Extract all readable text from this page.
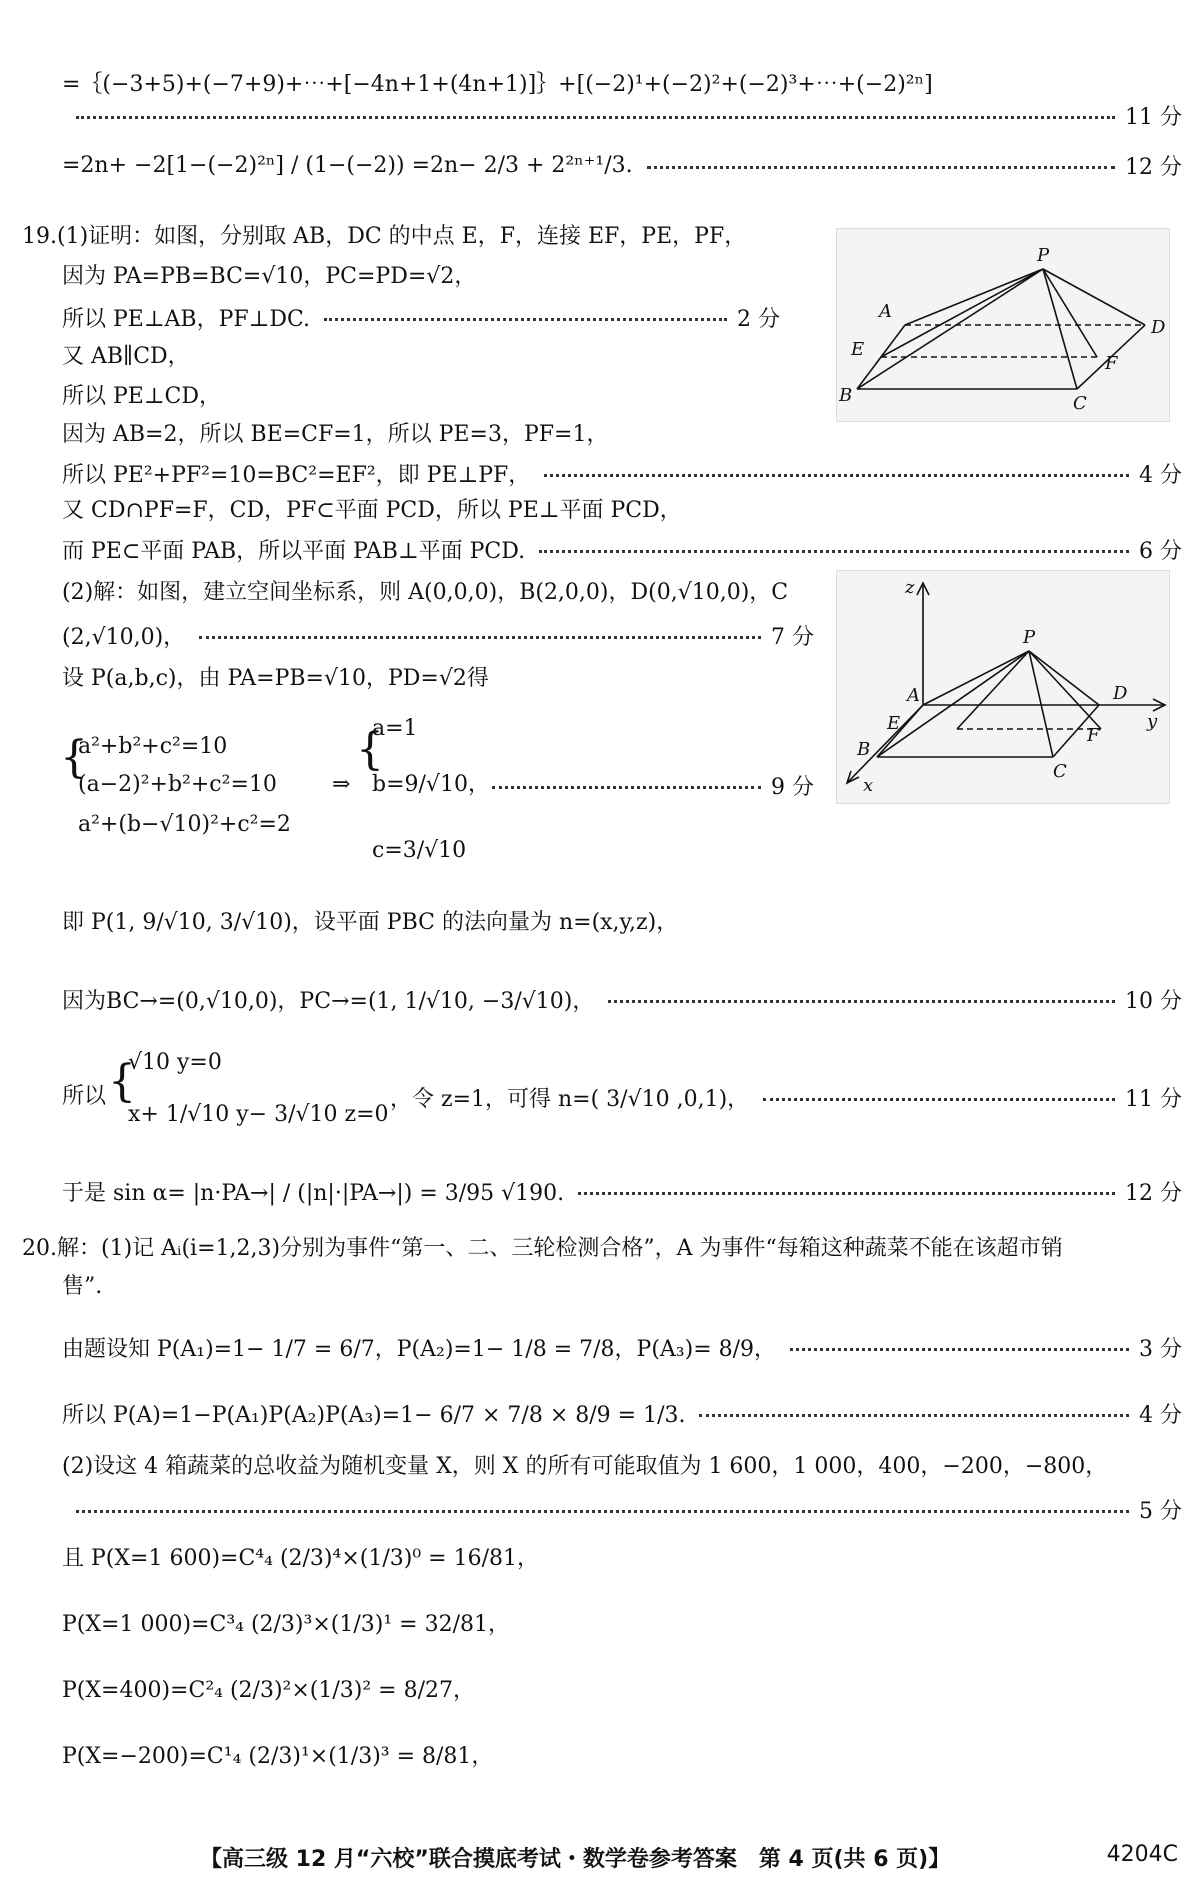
=｛(−3+5)+(−7+9)+⋯+[−4n+1+(4n+1)]｝+[(−2)¹+(−2)²+(−2)³+⋯+(−2)²ⁿ]
11 分
=2n+ −2[1−(−2)²ⁿ] / (1−(−2)) =2n− 2/3 + 2²ⁿ⁺¹/3.	12 分
19.(1)证明：如图，分别取 AB，DC 的中点 E，F，连接 EF，PE，PF，
因为 PA=PB=BC=√10，PC=PD=√2，
所以 PE⊥AB，PF⊥DC.	2 分
又 AB∥CD，
所以 PE⊥CD，
因为 AB=2，所以 BE=CF=1，所以 PE=3，PF=1，
所以 PE²+PF²=10=BC²=EF²，即 PE⊥PF，	4 分
又 CD∩PF=F，CD，PF⊂平面 PCD，所以 PE⊥平面 PCD，
而 PE⊂平面 PAB，所以平面 PAB⊥平面 PCD.	6 分
P
A
D
E
F
B	C
(2)解：如图，建立空间坐标系，则 A(0,0,0)，B(2,0,0)，D(0,√10,0)，C
(2,√10,0)，	7 分
设 P(a,b,c)，由 PA=PB=√10，PD=√2得
{
a²+b²+c²=10
(a−2)²+b²+c²=10
a²+(b−√10)²+c²=2
⇒
{
a=1
b=9/√10，
c=3/√10
9 分
z
y
x
P
A	D
E
F
B
C
即 P(1, 9/√10, 3/√10)，设平面 PBC 的法向量为 n=(x,y,z)，
因为BC→=(0,√10,0)，PC→=(1, 1/√10, −3/√10)，	10 分
所以 {
√10 y=0
x+ 1/√10 y− 3/√10 z=0
，令 z=1，可得 n=( 3/√10 ,0,1)，	11 分
于是 sin α= |n·PA→| / (|n|·|PA→|) = 3/95 √190.	12 分
20.解：(1)记 Aᵢ(i=1,2,3)分别为事件“第一、二、三轮检测合格”，A 为事件“每箱这种蔬菜不能在该超市销
售”.
由题设知 P(A₁)=1− 1/7 = 6/7，P(A₂)=1− 1/8 = 7/8，P(A₃)= 8/9，	3 分
所以 P(A)=1−P(A₁)P(A₂)P(A₃)=1− 6/7 × 7/8 × 8/9 = 1/3.	4 分
(2)设这 4 箱蔬菜的总收益为随机变量 X，则 X 的所有可能取值为 1 600，1 000，400，−200，−800，
5 分
且 P(X=1 600)=C⁴₄ (2/3)⁴×(1/3)⁰ = 16/81，
P(X=1 000)=C³₄ (2/3)³×(1/3)¹ = 32/81，
P(X=400)=C²₄ (2/3)²×(1/3)² = 8/27，
P(X=−200)=C¹₄ (2/3)¹×(1/3)³ = 8/81，
【高三级 12 月“六校”联合摸底考试・数学卷参考答案　第 4 页(共 6 页)】	4204C
